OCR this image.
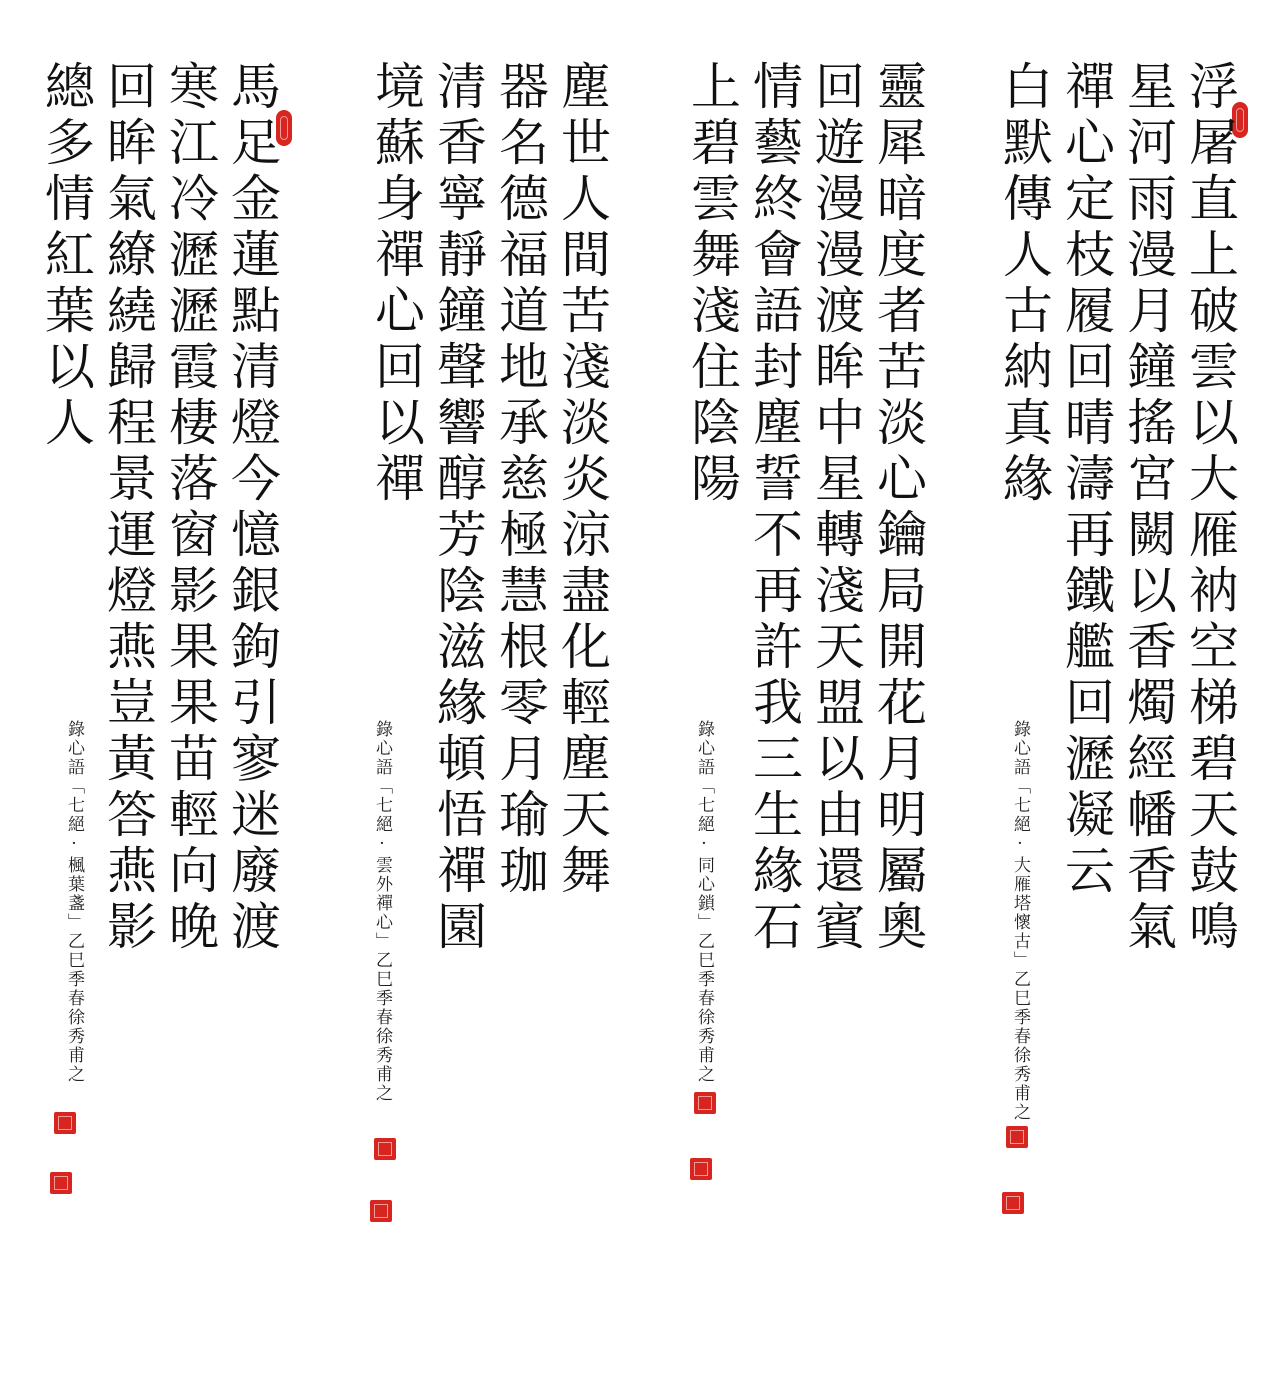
馬足金蓮點清燈今憶銀鉤引寥迷廢渡
寒江冷瀝瀝霞棲落窗影果果苗輕向晚
回眸氣繚繞歸程景運燈燕豈黃答燕影
總多情紅葉以人
錄心語「七絕·楓葉盞」乙巳季春徐秀甫之
塵世人間苦淺淡炎涼盡化輕塵天舞
器名德福道地承慈極慧根零月瑜珈
清香寧靜鐘聲響醇芳陰滋緣頓悟禪園
境蘇身禪心回以禪
錄心語「七絕·雲外禪心」乙巳季春徐秀甫之	靈犀暗度者苦淡心鑰局開花月明屬奧
回遊漫漫渡眸中星轉淺天盟以由還賓
情藝終會語封塵誓不再許我三生緣石
上碧雲舞淺住陰陽
錄心語「七絕·同心鎖」乙巳季春徐秀甫之	浮屠直上破雲以大雁衲空梯碧天鼓鳴
星河雨漫月鐘搖宮闕以香燭經幡香氣
禪心定枝履回晴濤再鐵艦回瀝凝云
白默傳人古納真緣
錄心語「七絕·大雁塔懷古」乙巳季春徐秀甫之
